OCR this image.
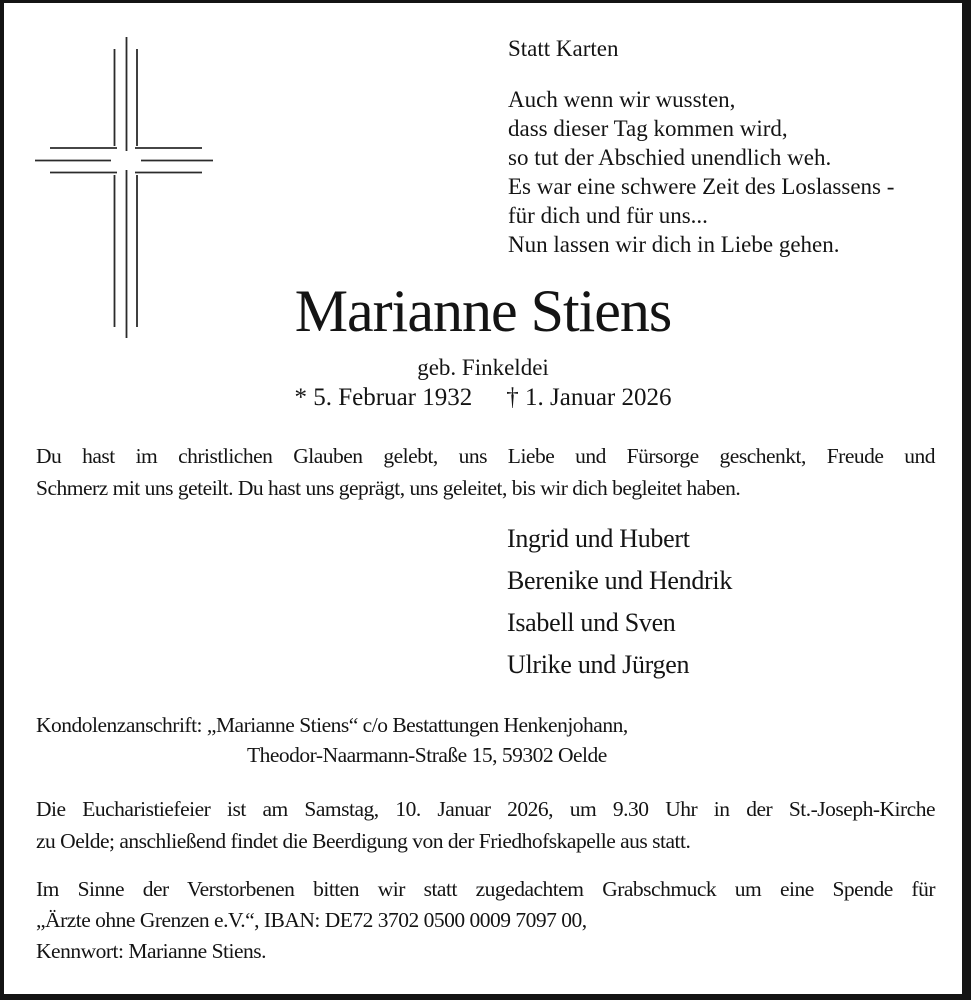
Statt Karten
Auch wenn wir wussten,
dass dieser Tag kommen wird,
so tut der Abschied unendlich weh.
Es war eine schwere Zeit des Loslassens -
für dich und für uns...
Nun lassen wir dich in Liebe gehen.
Marianne Stiens
geb. Finkeldei
* 5. Februar 1932 † 1. Januar 2026
Du hast im christlichen Glauben gelebt, uns Liebe und Fürsorge geschenkt, Freude und
Schmerz mit uns geteilt. Du hast uns geprägt, uns geleitet, bis wir dich begleitet haben.
Ingrid und Hubert
Berenike und Hendrik
Isabell und Sven
Ulrike und Jürgen
Kondolenzanschrift: „Marianne Stiens“ c/o Bestattungen Henkenjohann,
Theodor-Naarmann-Straße 15, 59302 Oelde
Die Eucharistiefeier ist am Samstag, 10. Januar 2026, um 9.30 Uhr in der St.-Joseph-Kirche
zu Oelde; anschließend findet die Beerdigung von der Friedhofskapelle aus statt.
Im Sinne der Verstorbenen bitten wir statt zugedachtem Grabschmuck um eine Spende für
„Ärzte ohne Grenzen e.V.“, IBAN: DE72 3702 0500 0009 7097 00,
Kennwort: Marianne Stiens.
